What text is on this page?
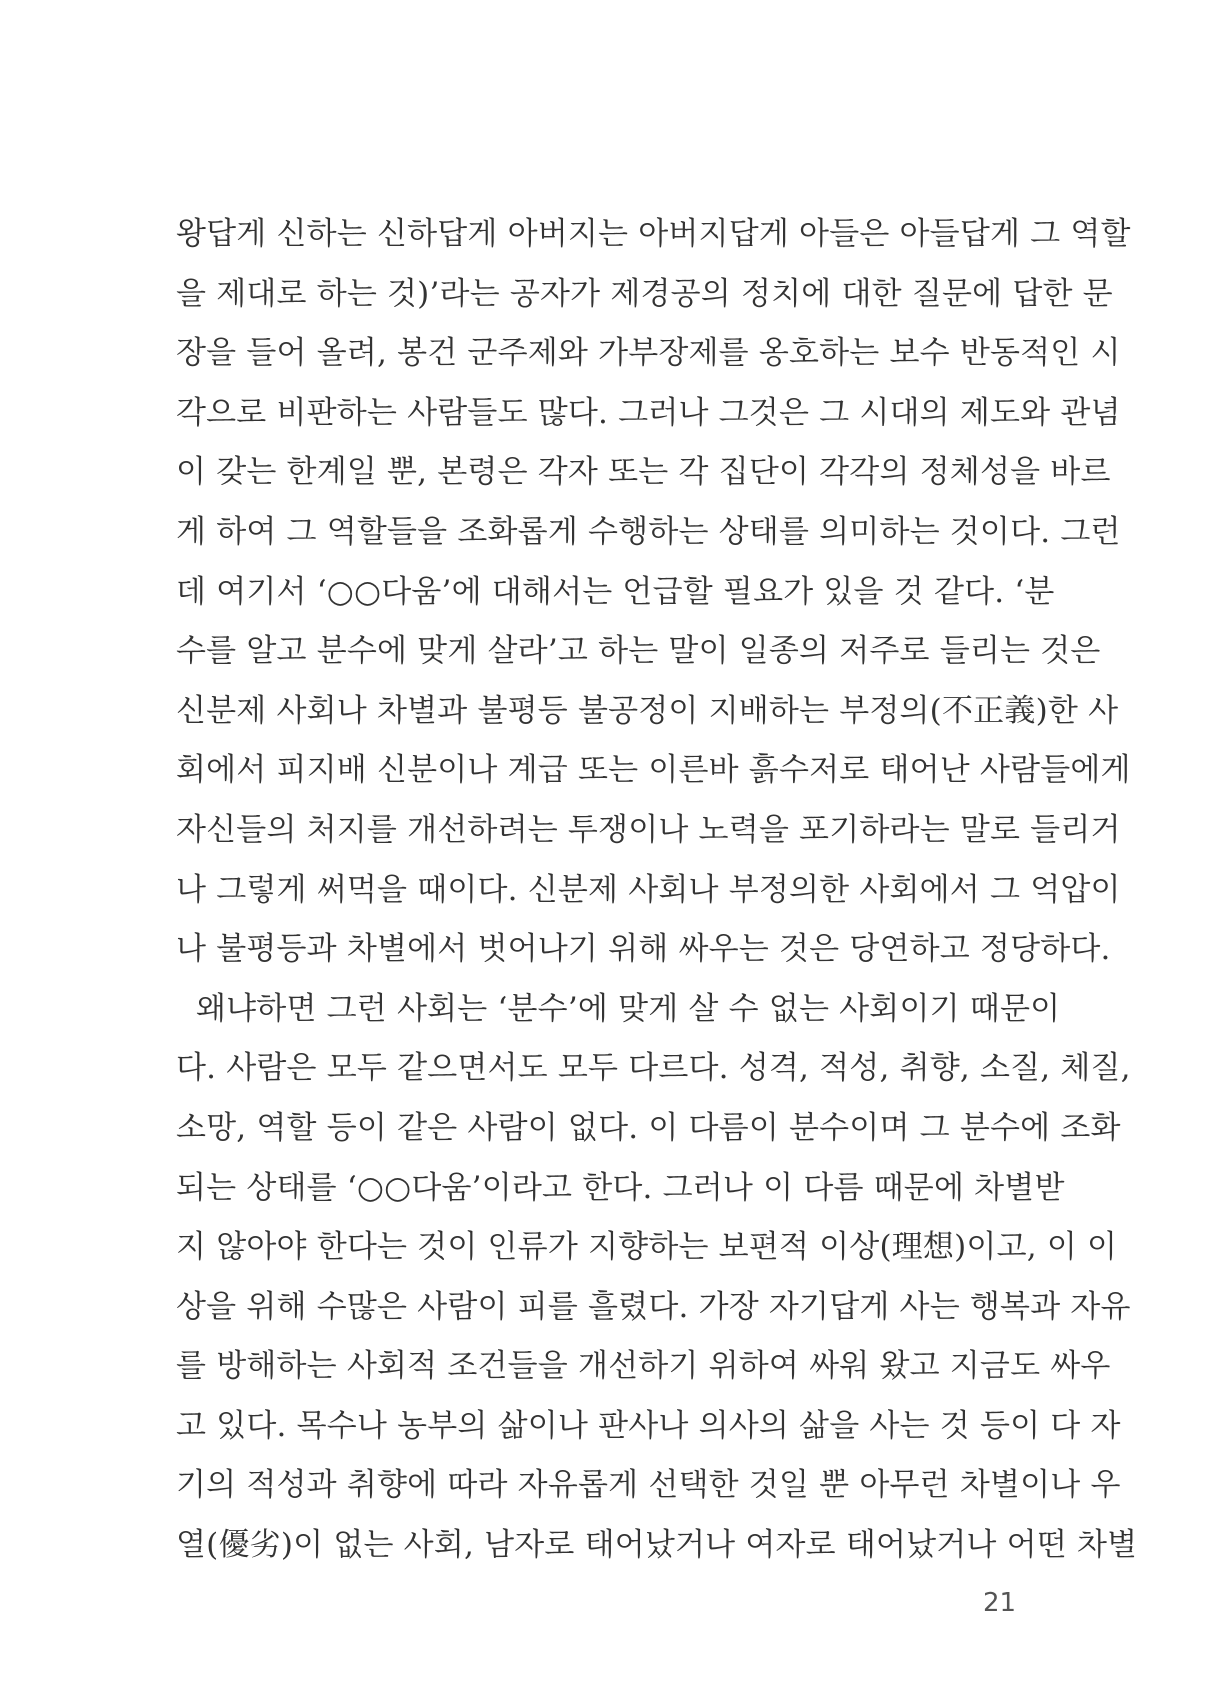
왕답게 신하는 신하답게 아버지는 아버지답게 아들은 아들답게 그 역할
을 제대로 하는 것)’라는 공자가 제경공의 정치에 대한 질문에 답한 문
장을 들어 올려, 봉건 군주제와 가부장제를 옹호하는 보수 반동적인 시
각으로 비판하는 사람들도 많다. 그러나 그것은 그 시대의 제도와 관념
이 갖는 한계일 뿐, 본령은 각자 또는 각 집단이 각각의 정체성을 바르
게 하여 그 역할들을 조화롭게 수행하는 상태를 의미하는 것이다. 그런
데 여기서 ‘○○다움’에 대해서는 언급할 필요가 있을 것 같다. ‘분
수를 알고 분수에 맞게 살라’고 하는 말이 일종의 저주로 들리는 것은
신분제 사회나 차별과 불평등 불공정이 지배하는 부정의(不正義)한 사
회에서 피지배 신분이나 계급 또는 이른바 흙수저로 태어난 사람들에게
자신들의 처지를 개선하려는 투쟁이나 노력을 포기하라는 말로 들리거
나 그렇게 써먹을 때이다. 신분제 사회나 부정의한 사회에서 그 억압이
나 불평등과 차별에서 벗어나기 위해 싸우는 것은 당연하고 정당하다.
왜냐하면 그런 사회는 ‘분수’에 맞게 살 수 없는 사회이기 때문이
다. 사람은 모두 같으면서도 모두 다르다. 성격, 적성, 취향, 소질, 체질,
소망, 역할 등이 같은 사람이 없다. 이 다름이 분수이며 그 분수에 조화
되는 상태를 ‘○○다움’이라고 한다. 그러나 이 다름 때문에 차별받
지 않아야 한다는 것이 인류가 지향하는 보편적 이상(理想)이고, 이 이
상을 위해 수많은 사람이 피를 흘렸다. 가장 자기답게 사는 행복과 자유
를 방해하는 사회적 조건들을 개선하기 위하여 싸워 왔고 지금도 싸우
고 있다. 목수나 농부의 삶이나 판사나 의사의 삶을 사는 것 등이 다 자
기의 적성과 취향에 따라 자유롭게 선택한 것일 뿐 아무런 차별이나 우
열(優劣)이 없는 사회, 남자로 태어났거나 여자로 태어났거나 어떤 차별
21
